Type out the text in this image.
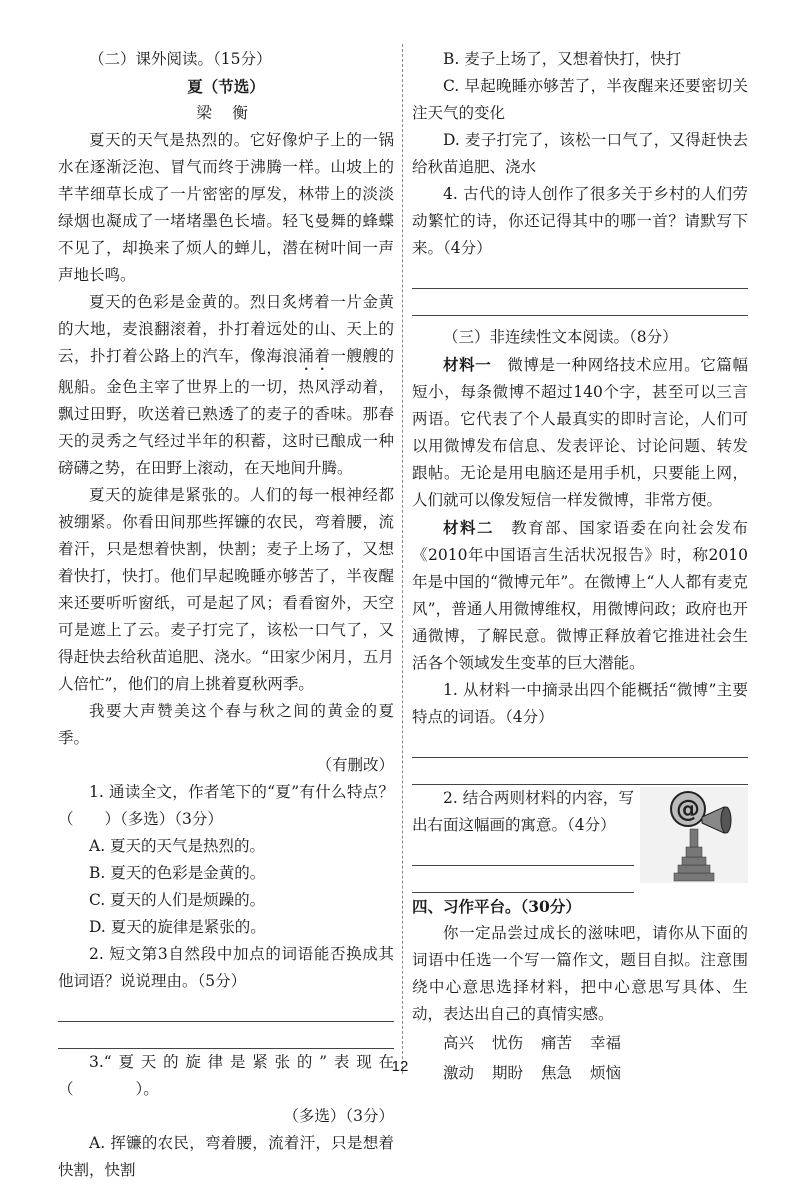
（二）课外阅读。（15分）

夏（节选）

梁 衡

夏天的天气是热烈的。它好像炉子上的一锅水在逐渐泛泡、冒气而终于沸腾一样。山坡上的芊芊细草长成了一片密密的厚发，林带上的淡淡绿烟也凝成了一堵堵墨色长墙。轻飞曼舞的蜂蝶不见了，却换来了烦人的蝉儿，潜在树叶间一声声地长鸣。

夏天的色彩是金黄的。烈日炙烤着一片金黄的大地，麦浪翻滚着，扑打着远处的山、天上的云，扑打着公路上的汽车，像海浪涌着一艘艘的舰船。金色主宰了世界上的一切，热风浮动着，飘过田野，吹送着已熟透了的麦子的香味。那春天的灵秀之气经过半年的积蓄，这时已酿成一种磅礴之势，在田野上滚动，在天地间升腾。

夏天的旋律是紧张的。人们的每一根神经都被绷紧。你看田间那些挥镰的农民，弯着腰，流着汗，只是想着快割，快割；麦子上场了，又想着快打，快打。他们早起晚睡亦够苦了，半夜醒来还要听听窗纸，可是起了风；看看窗外，天空可是遮上了云。麦子打完了，该松一口气了，又得赶快去给秋苗追肥、浇水。“田家少闲月，五月人倍忙”，他们的肩上挑着夏秋两季。

我要大声赞美这个春与秋之间的黄金的夏季。

（有删改）

1. 通读全文，作者笔下的“夏”有什么特点？（　　）（多选）（3分）

A. 夏天的天气是热烈的。

B. 夏天的色彩是金黄的。

C. 夏天的人们是烦躁的。

D. 夏天的旋律是紧张的。

2. 短文第3自然段中加点的词语能否换成其他词语？说说理由。（5分）

3.“夏天的旋律是紧张的”表现在（　　　　）。

（多选）（3分）

A. 挥镰的农民，弯着腰，流着汗，只是想着快割，快割

B. 麦子上场了，又想着快打，快打

C. 早起晚睡亦够苦了，半夜醒来还要密切关注天气的变化

D. 麦子打完了，该松一口气了，又得赶快去给秋苗追肥、浇水

4. 古代的诗人创作了很多关于乡村的人们劳动繁忙的诗，你还记得其中的哪一首？请默写下来。（4分）

（三）非连续性文本阅读。（8分）

材料一　微博是一种网络技术应用。它篇幅短小，每条微博不超过140个字，甚至可以三言两语。它代表了个人最真实的即时言论，人们可以用微博发布信息、发表评论、讨论问题、转发跟帖。无论是用电脑还是用手机，只要能上网，人们就可以像发短信一样发微博，非常方便。

材料二　教育部、国家语委在向社会发布《2010年中国语言生活状况报告》时，称2010年是中国的“微博元年”。在微博上“人人都有麦克风”，普通人用微博维权，用微博问政；政府也开通微博，了解民意。微博正释放着它推进社会生活各个领域发生变革的巨大潜能。

1. 从材料一中摘录出四个能概括“微博”主要特点的词语。（4分）

2. 结合两则材料的内容，写出右面这幅画的寓意。（4分）

@

四、习作平台。（30分）

你一定品尝过成长的滋味吧，请你从下面的词语中任选一个写一篇作文，题目自拟。注意围绕中心意思选择材料，把中心意思写具体、生动，表达出自己的真情实感。

高兴 忧伤 痛苦 幸福
激动 期盼 焦急 烦恼
12
